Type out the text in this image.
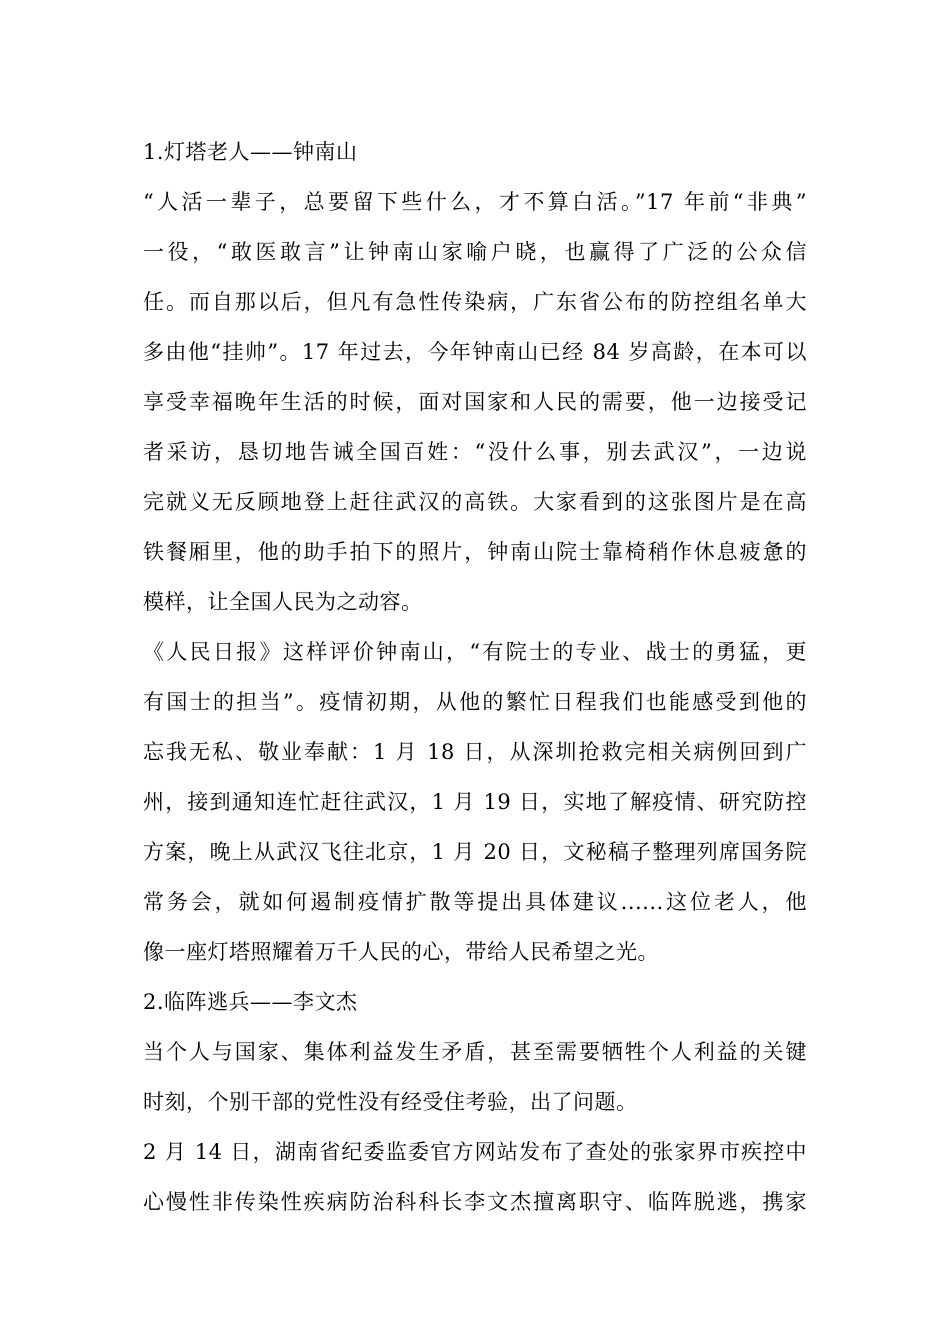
1.灯塔老人——钟南山
“人活一辈子，总要留下些什么，才不算白活。”17 年前“非典”
一役，“敢医敢言”让钟南山家喻户晓，也赢得了广泛的公众信
任。而自那以后，但凡有急性传染病，广东省公布的防控组名单大
多由他“挂帅”。17 年过去，今年钟南山已经 84 岁高龄，在本可以
享受幸福晚年生活的时候，面对国家和人民的需要，他一边接受记
者采访，恳切地告诫全国百姓：“没什么事，别去武汉”，一边说
完就义无反顾地登上赶往武汉的高铁。大家看到的这张图片是在高
铁餐厢里，他的助手拍下的照片，钟南山院士靠椅稍作休息疲惫的
模样，让全国人民为之动容。
《人民日报》这样评价钟南山，“有院士的专业、战士的勇猛，更
有国士的担当”。疫情初期，从他的繁忙日程我们也能感受到他的
忘我无私、敬业奉献：1 月 18 日，从深圳抢救完相关病例回到广
州，接到通知连忙赶往武汉，1 月 19 日，实地了解疫情、研究防控
方案，晚上从武汉飞往北京，1 月 20 日，文秘稿子整理列席国务院
常务会，就如何遏制疫情扩散等提出具体建议......这位老人，他
像一座灯塔照耀着万千人民的心，带给人民希望之光。
2.临阵逃兵——李文杰
当个人与国家、集体利益发生矛盾，甚至需要牺牲个人利益的关键
时刻，个别干部的党性没有经受住考验，出了问题。
2 月 14 日，湖南省纪委监委官方网站发布了查处的张家界市疾控中
心慢性非传染性疾病防治科科长李文杰擅离职守、临阵脱逃，携家
